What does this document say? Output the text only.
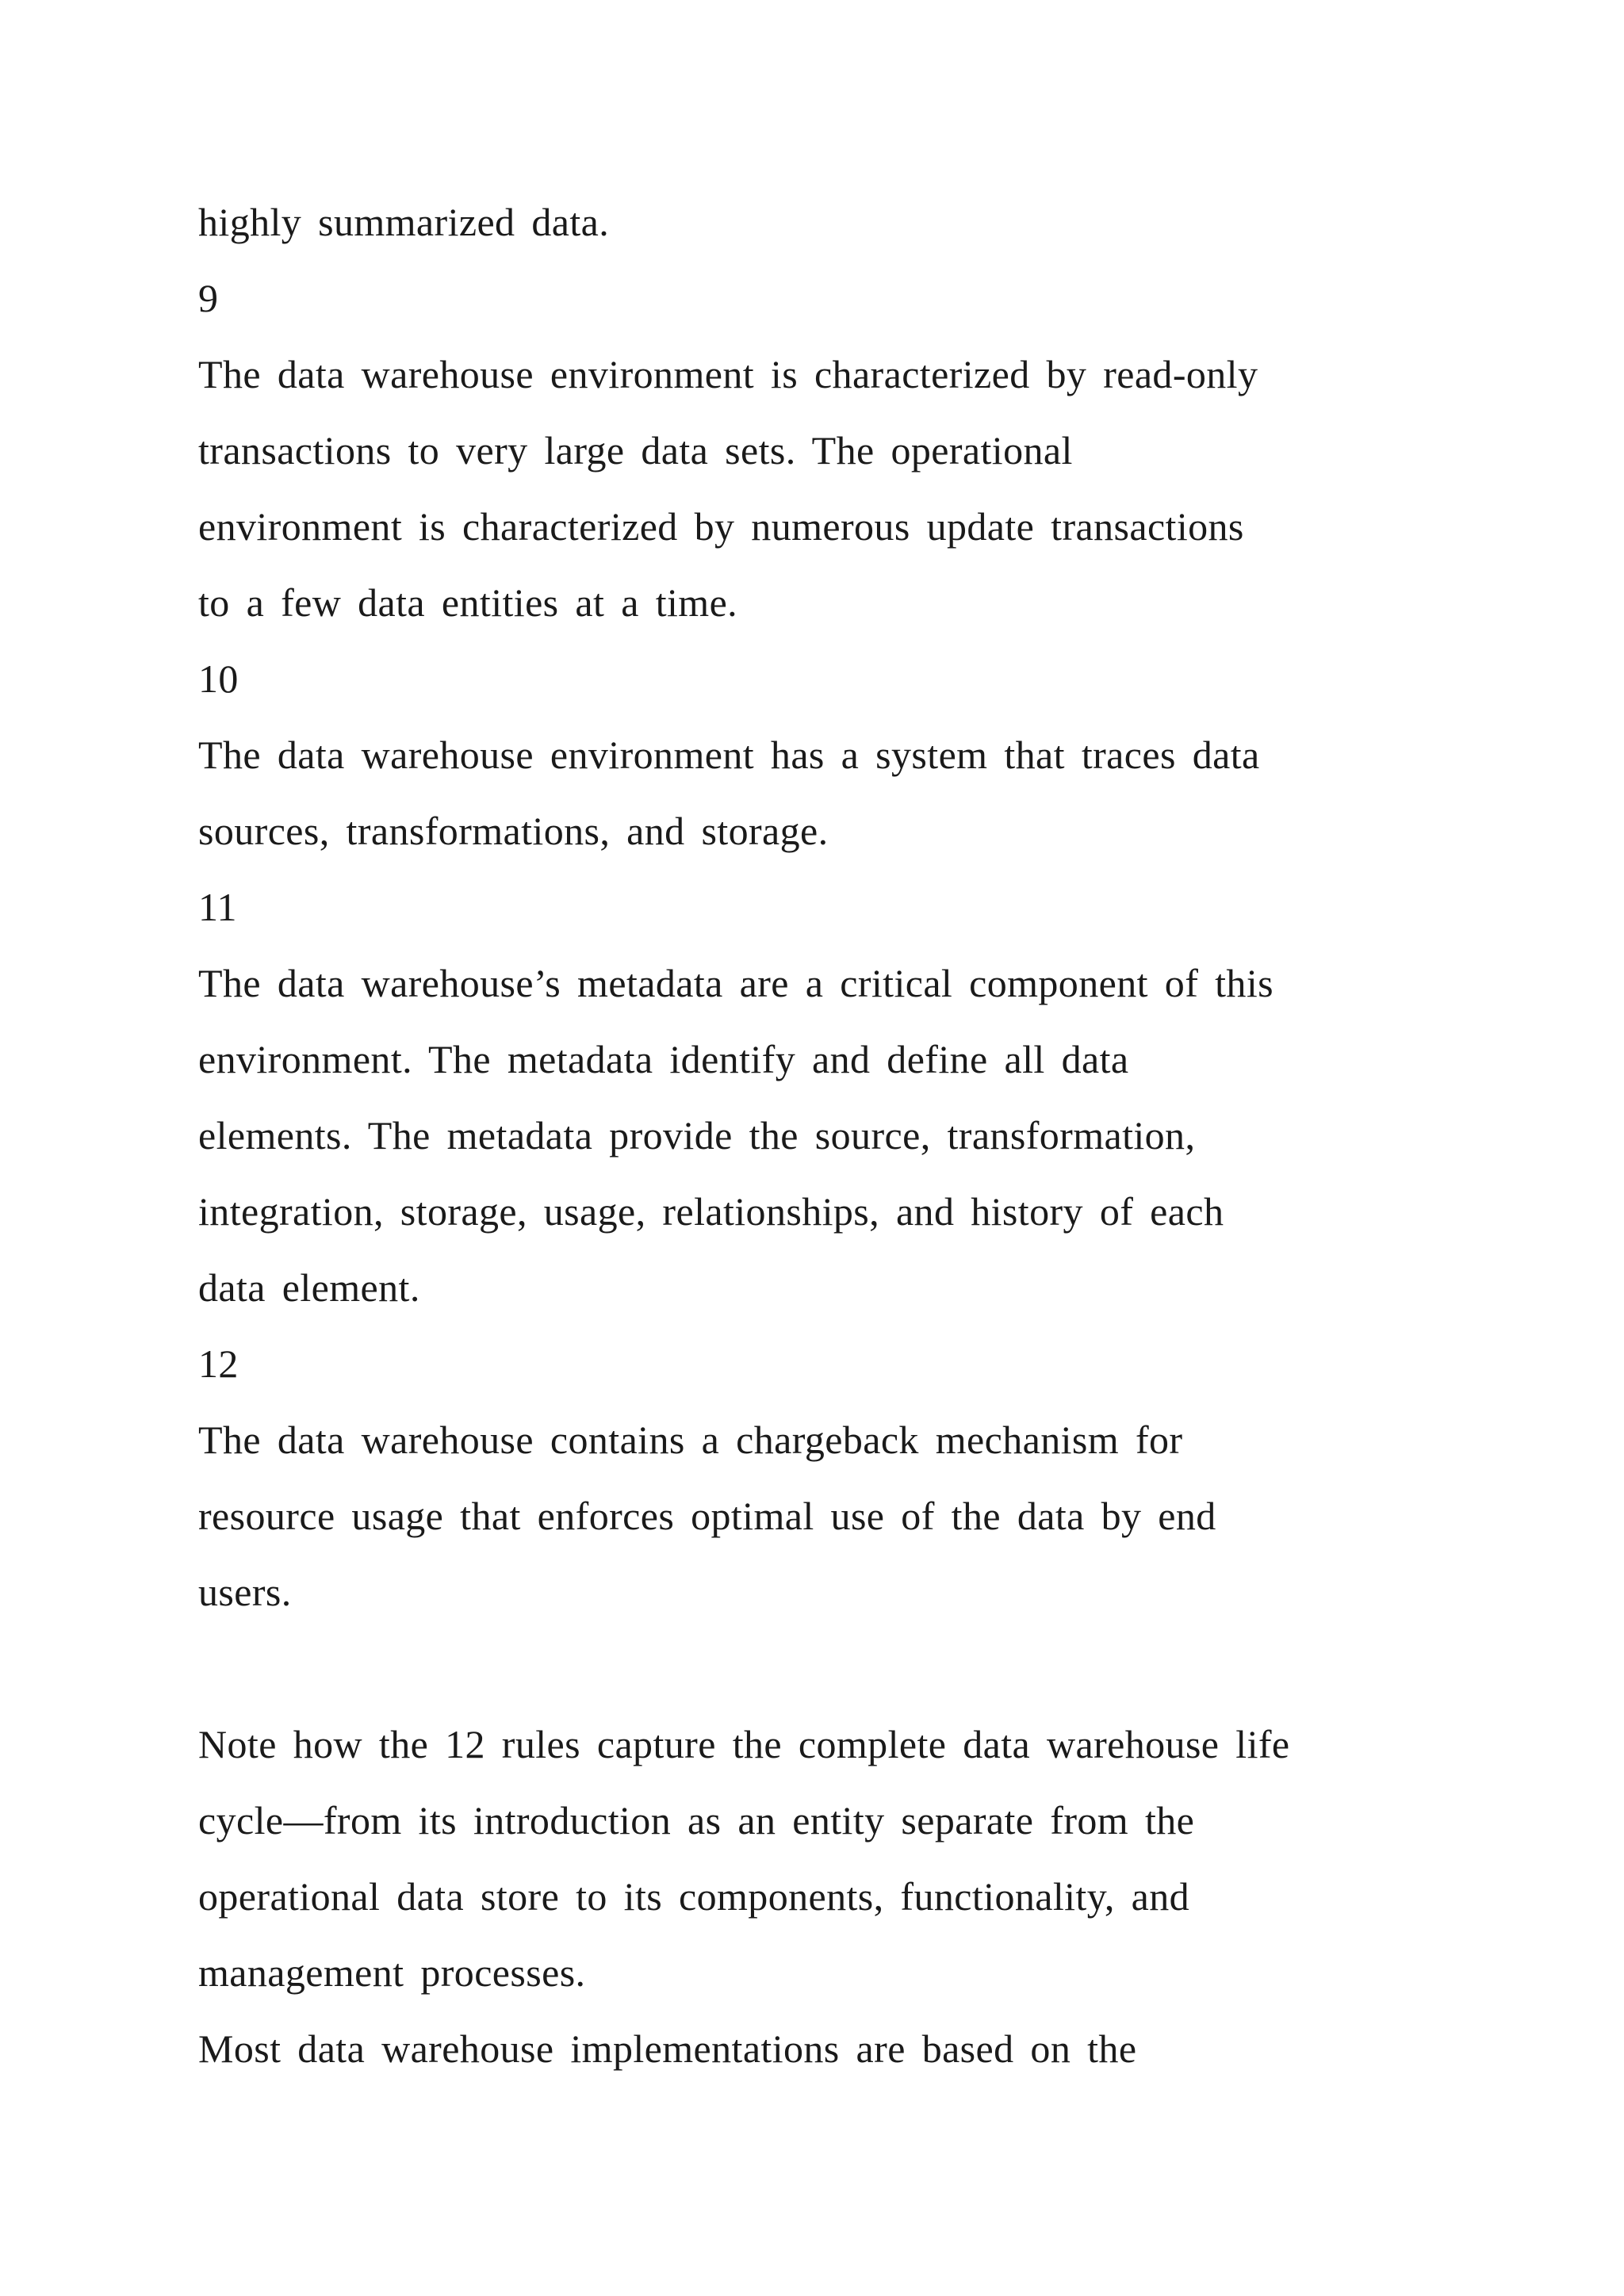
highly summarized data.
9
The data warehouse environment is characterized by read-only
transactions to very large data sets. The operational
environment is characterized by numerous update transactions
to a few data entities at a time.
10
The data warehouse environment has a system that traces data
sources, transformations, and storage.
11
The data warehouse’s metadata are a critical component of this
environment. The metadata identify and define all data
elements. The metadata provide the source, transformation,
integration, storage, usage, relationships, and history of each
data element.
12
The data warehouse contains a chargeback mechanism for
resource usage that enforces optimal use of the data by end
users.
Note how the 12 rules capture the complete data warehouse life
cycle—from its introduction as an entity separate from the
operational data store to its components, functionality, and
management processes.
Most data warehouse implementations are based on the
